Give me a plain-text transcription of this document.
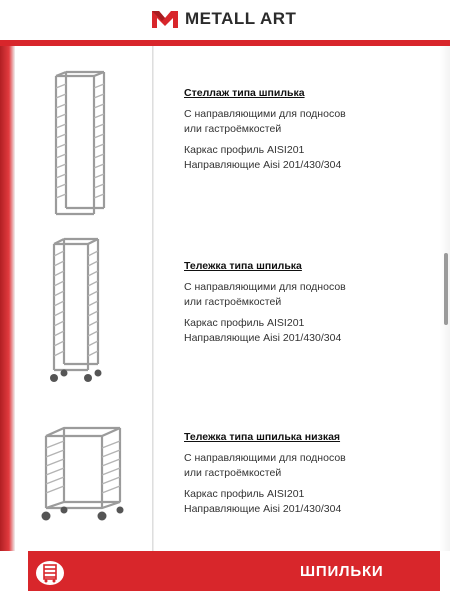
METALL ART
Стеллаж типа шпилька
С направляющими для подносов
или гастроёмкостей
Каркас профиль AISI201
Направляющие Aisi 201/430/304
Тележка типа шпилька
С направляющими для подносов
или гастроёмкостей
Каркас профиль AISI201
Направляющие Aisi 201/430/304
Тележка типа шпилька низкая
С направляющими для подносов
или гастроёмкостей
Каркас профиль AISI201
Направляющие Aisi 201/430/304
ШПИЛЬКИ
